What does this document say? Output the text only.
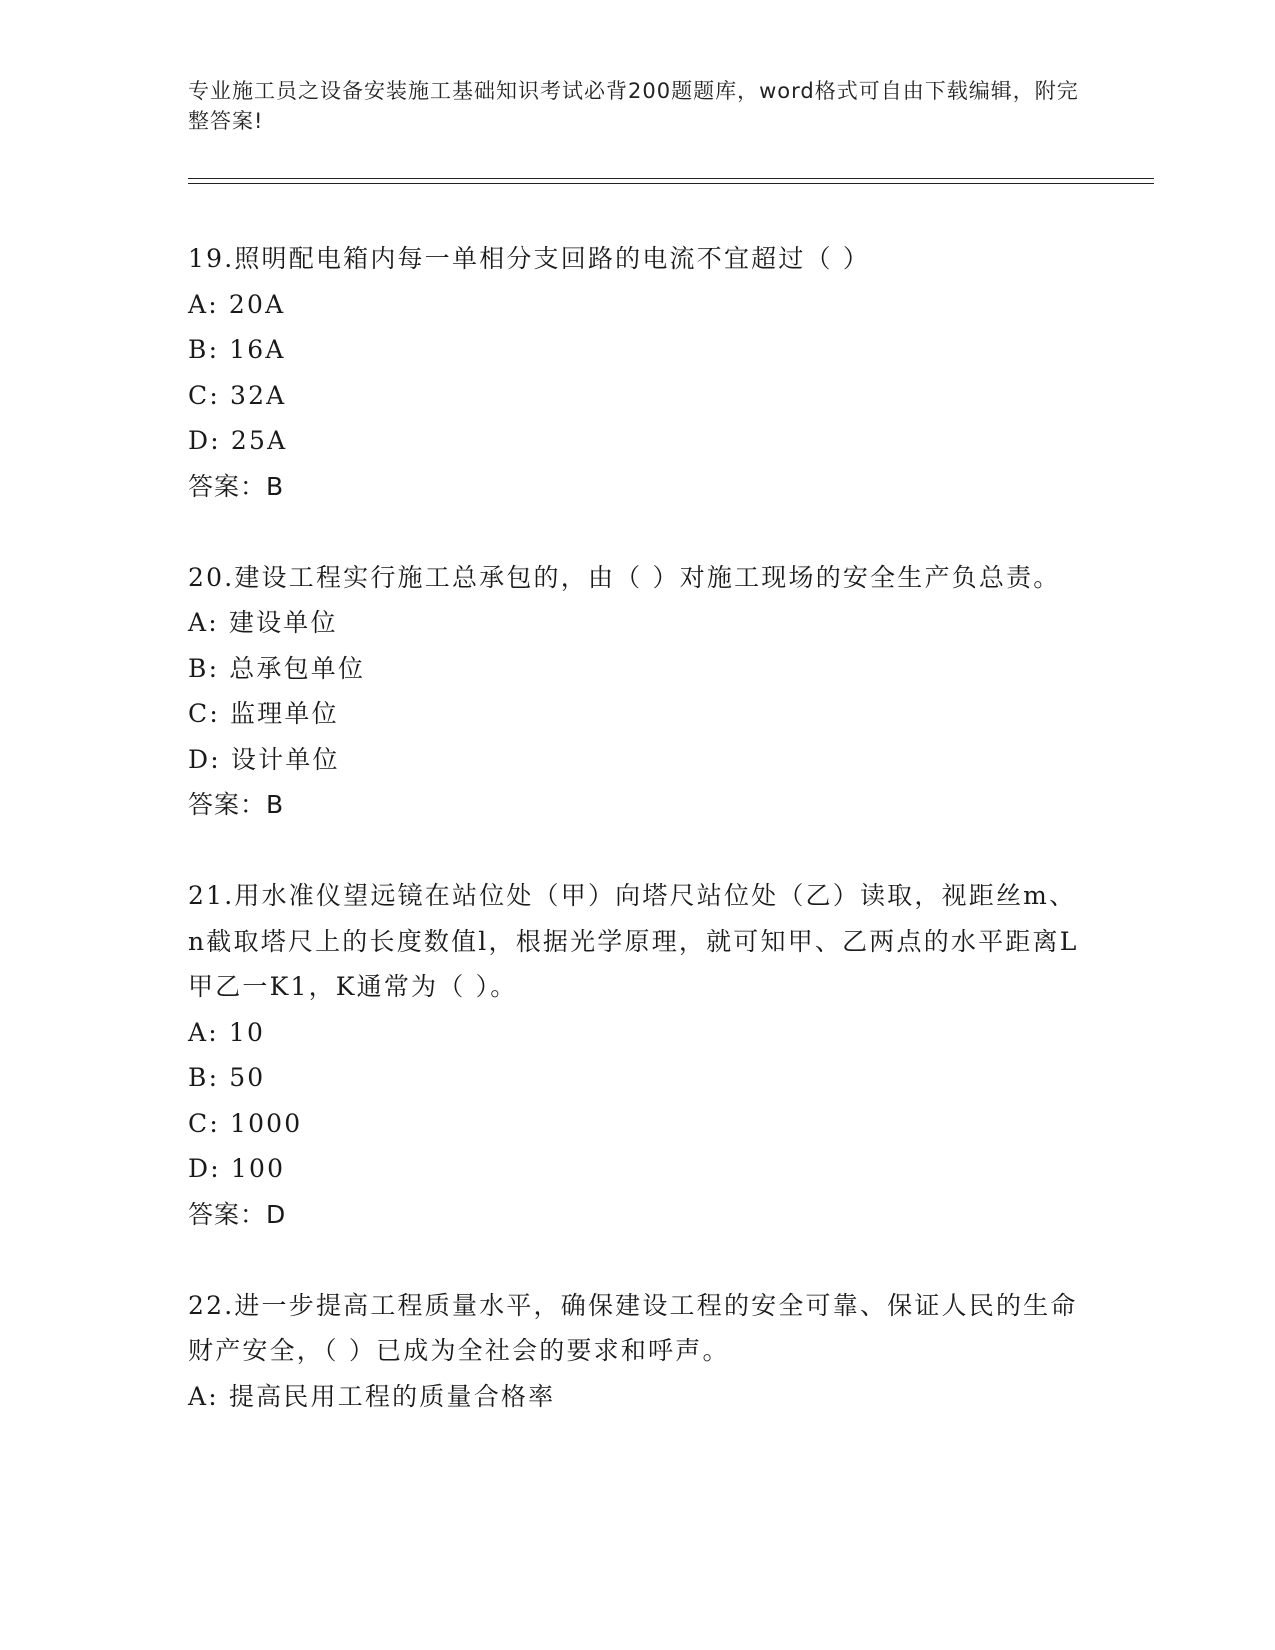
专业施工员之设备安装施工基础知识考试必背200题题库，word格式可自由下载编辑，附完整答案!

19.照明配电箱内每一单相分支回路的电流不宜超过（ ）

A: 20A

B: 16A

C: 32A

D: 25A

答案：B

20.建设工程实行施工总承包的，由（ ）对施工现场的安全生产负总责。

A: 建设单位

B: 总承包单位

C: 监理单位

D: 设计单位

答案：B

21.用水准仪望远镜在站位处（甲）向塔尺站位处（乙）读取，视距丝m、n截取塔尺上的长度数值l，根据光学原理，就可知甲、乙两点的水平距离L甲乙一K1，K通常为（ ）。

A: 10

B: 50

C: 1000

D: 100

答案：D

22.进一步提高工程质量水平，确保建设工程的安全可靠、保证人民的生命财产安全，（ ）已成为全社会的要求和呼声。

A: 提高民用工程的质量合格率
